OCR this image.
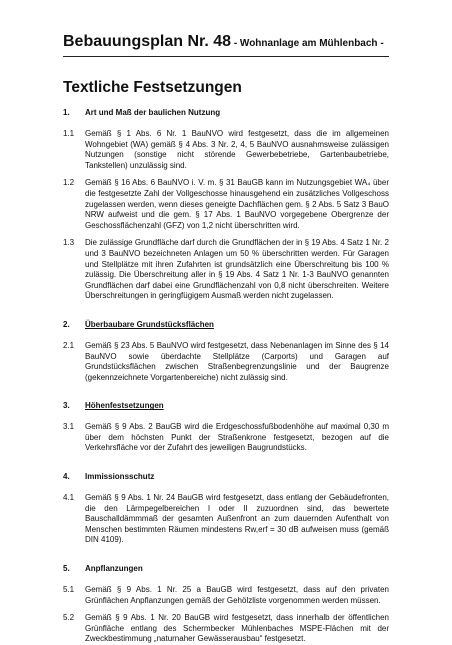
Bebauungsplan Nr. 48 - Wohnanlage am Mühlenbach -
Textliche Festsetzungen
1.	Art und Maß der baulichen Nutzung
1.1	Gemäß § 1 Abs. 6 Nr. 1 BauNVO wird festgesetzt, dass die im allgemeinen Wohngebiet (WA) gemäß § 4 Abs. 3 Nr. 2, 4, 5 BauNVO ausnahmsweise zulässigen Nutzungen (sonstige nicht störende Gewerbebetriebe, Gartenbaubetriebe, Tankstellen) unzulässig sind.
1.2	Gemäß § 16 Abs. 6 BauNVO i. V. m. § 31 BauGB kann im Nutzungsgebiet WA₄ über die festgesetzte Zahl der Vollgeschosse hinausgehend ein zusätzliches Vollgeschoss zugelassen werden, wenn dieses geneigte Dachflächen gem. § 2 Abs. 5 Satz 3 BauO NRW aufweist und die gem. § 17 Abs. 1 BauNVO vorgegebene Obergrenze der Geschossflächenzahl (GFZ) von 1,2 nicht überschritten wird.
1.3	Die zulässige Grundfläche darf durch die Grundflächen der in § 19 Abs. 4 Satz 1 Nr. 2 und 3 BauNVO bezeichneten Anlagen um 50 % überschritten werden. Für Garagen und Stellplätze mit ihren Zufahrten ist grundsätzlich eine Überschreitung bis 100 % zulässig. Die Überschreitung aller in § 19 Abs. 4 Satz 1 Nr. 1-3 BauNVO genannten Grundflächen darf dabei eine Grundflächenzahl von 0,8 nicht überschreiten. Weitere Überschreitungen in geringfügigem Ausmaß werden nicht zugelassen.
2.	Überbaubare Grundstücksflächen
2.1	Gemäß § 23 Abs. 5 BauNVO wird festgesetzt, dass Nebenanlagen im Sinne des § 14 BauNVO sowie überdachte Stellplätze (Carports) und Garagen auf Grundstücksflächen zwischen Straßenbegrenzungslinie und der Baugrenze (gekennzeichnete Vorgartenbereiche) nicht zulässig sind.
3.	Höhenfestsetzungen
3.1	Gemäß § 9 Abs. 2 BauGB wird die Erdgeschossfußbodenhöhe auf maximal 0,30 m über dem höchsten Punkt der Straßenkrone festgesetzt, bezogen auf die Verkehrsfläche vor der Zufahrt des jeweiligen Baugrundstücks.
4.	Immissionsschutz
4.1	Gemäß § 9 Abs. 1 Nr. 24 BauGB wird festgesetzt, dass entlang der Gebäudefronten, die den Lärmpegelbereichen I oder II zuzuordnen sind, das bewertete Bauschalldämmmaß der gesamten Außenfront an zum dauernden Aufenthalt von Menschen bestimmten Räumen mindestens Rw,erf = 30 dB aufweisen muss (gemäß DIN 4109).
5.	Anpflanzungen
5.1	Gemäß § 9 Abs. 1 Nr. 25 a BauGB wird festgesetzt, dass auf den privaten Grünflächen Anpflanzungen gemäß der Gehölzliste vorgenommen werden müssen.
5.2	Gemäß § 9 Abs. 1 Nr. 20 BauGB wird festgesetzt, dass innerhalb der öffentlichen Grünfläche entlang des Schermbecker Mühlenbaches MSPE-Flächen mit der Zweckbestimmung „naturnaher Gewässerausbau“ festgesetzt.
